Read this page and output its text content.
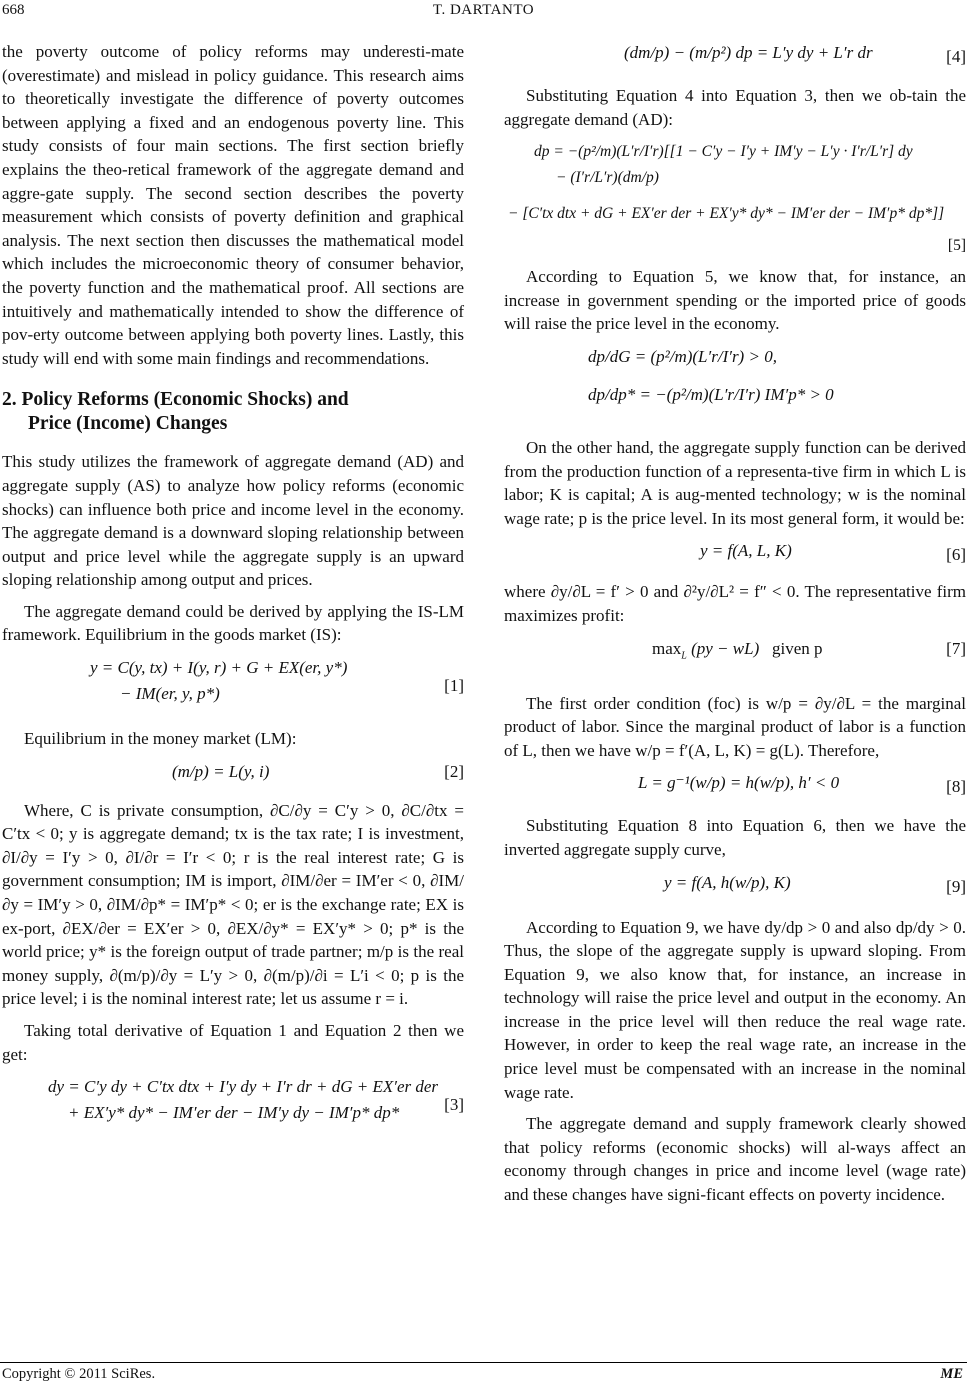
668	T. DARTANTO

the poverty outcome of policy reforms may underesti-mate (overestimate) and mislead in policy guidance. This research aims to theoretically investigate the difference of poverty outcomes between applying a fixed and an endogenous poverty line. This study consists of four main sections. The first section briefly explains the theo-retical framework of the aggregate demand and aggre-gate supply. The second section describes the poverty measurement which consists of poverty definition and graphical analysis. The next section then discusses the mathematical model which includes the microeconomic theory of consumer behavior, the poverty function and the mathematical proof. All sections are intuitively and mathematically intended to show the difference of pov-erty outcome between applying both poverty lines. Lastly, this study will end with some main findings and recommendations.

2. Policy Reforms (Economic Shocks) and
Price (Income) Changes

This study utilizes the framework of aggregate demand (AD) and aggregate supply (AS) to analyze how policy reforms (economic shocks) can influence both price and income level in the economy. The aggregate demand is a downward sloping relationship between output and price level while the aggregate supply is an upward sloping relationship among output and prices.

The aggregate demand could be derived by applying the IS-LM framework. Equilibrium in the goods market (IS):

y = C(y, tx) + I(y, r) + G + EX(er, y*)
− IM(er, y, p*)	[1]

Equilibrium in the money market (LM):

(m/p) = L(y, i)	[2]

Where, C is private consumption, ∂C/∂y = C′y > 0, ∂C/∂tx = C′tx < 0; y is aggregate demand; tx is the tax rate; I is investment, ∂I/∂y = I′y > 0, ∂I/∂r = I′r < 0; r is the real interest rate; G is government consumption; IM is import, ∂IM/∂er = IM′er < 0, ∂IM/∂y = IM′y > 0, ∂IM/∂p* = IM′p* < 0; er is the exchange rate; EX is ex-port, ∂EX/∂er = EX′er > 0, ∂EX/∂y* = EX′y* > 0; p* is the world price; y* is the foreign output of trade partner; m/p is the real money supply, ∂(m/p)/∂y = L′y > 0, ∂(m/p)/∂i = L′i < 0; p is the price level; i is the nominal interest rate; let us assume r = i.

Taking total derivative of Equation 1 and Equation 2 then we get:

dy = C′y dy + C′tx dtx + I′y dy + I′r dr + dG + EX′er der
+ EX′y* dy* − IM′er der − IM′y dy − IM′p* dp*	[3]
(dm/p) − (m/p²) dp = L′y dy + L′r dr	[4]

Substituting Equation 4 into Equation 3, then we ob-tain the aggregate demand (AD):

dp = −(p²/m)(L′r/I′r)[[1 − C′y − I′y + IM′y − L′y · I′r/L′r] dy
− (I′r/L′r)(dm/p)
− [C′tx dtx + dG + EX′er der + EX′y* dy* − IM′er der − IM′p* dp*]]
[5]

According to Equation 5, we know that, for instance, an increase in government spending or the imported price of goods will raise the price level in the economy.

dp/dG = (p²/m)(L′r/I′r) > 0,
dp/dp* = −(p²/m)(L′r/I′r) IM′p* > 0

On the other hand, the aggregate supply function can be derived from the production function of a representa-tive firm in which L is labor; K is capital; A is aug-mented technology; w is the nominal wage rate; p is the price level. In its most general form, it would be:

y = f(A, L, K)	[6]

where ∂y/∂L = f′ > 0 and ∂²y/∂L² = f″ < 0. The representative firm maximizes profit:

$\max_L (py - wL)$ given p	[7]

The first order condition (foc) is w/p = ∂y/∂L = the marginal product of labor. Since the marginal product of labor is a function of L, then we have w/p = f′(A, L, K) = g(L). Therefore,

L = g⁻¹(w/p) = h(w/p), h′ < 0	[8]

Substituting Equation 8 into Equation 6, then we have the inverted aggregate supply curve,

y = f(A, h(w/p), K)	[9]

According to Equation 9, we have dy/dp > 0 and also dp/dy > 0. Thus, the slope of the aggregate supply is upward sloping. From Equation 9, we also know that, for instance, an increase in technology will raise the price level and output in the economy. An increase in the price level will then reduce the real wage rate. However, in order to keep the real wage rate, an increase in the price level must be compensated with an increase in the nominal wage rate.

The aggregate demand and supply framework clearly showed that policy reforms (economic shocks) will al-ways affect an economy through changes in price and income level (wage rate) and these changes have signi-ficant effects on poverty incidence.

Copyright © 2011 SciRes.	ME
